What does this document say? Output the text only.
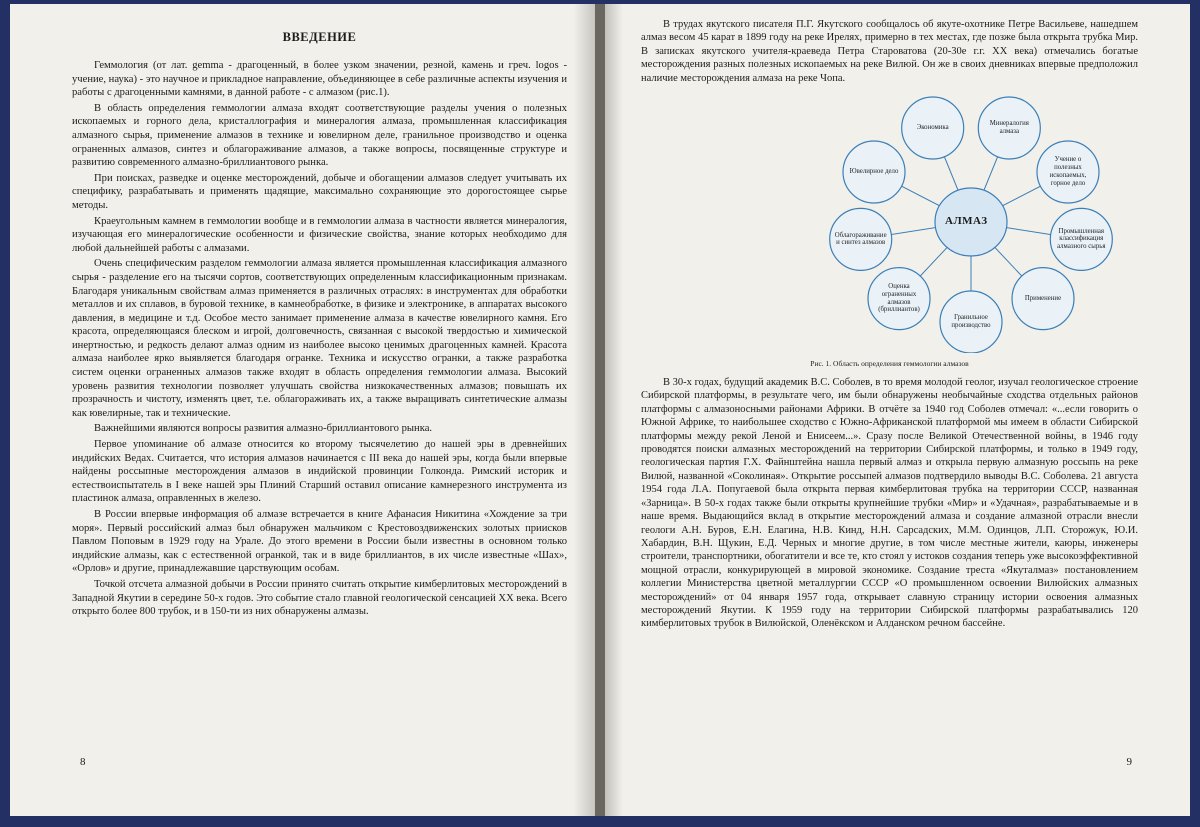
ВВЕДЕНИЕ

Геммология (от лат. gemma - драгоценный, в более узком значении, резной, камень и греч. logos - учение, наука) - это научное и прикладное направление, объединяющее в себе различные аспекты изучения и работы с драгоценными камнями, в данной работе - с алмазом (рис.1).

В область определения геммологии алмаза входят соответствующие разделы учения о полезных ископаемых и горного дела, кристаллография и минералогия алмаза, промышленная классификация алмазного сырья, применение алмазов в технике и ювелирном деле, гранильное производство и оценка ограненных алмазов, синтез и облагораживание алмазов, а также вопросы, посвященные структуре и развитию современного алмазно-бриллиантового рынка.

При поисках, разведке и оценке месторождений, добыче и обогащении алмазов следует учитывать их специфику, разрабатывать и применять щадящие, максимально сохраняющие это дорогостоящее сырье методы.

Краеугольным камнем в геммологии вообще и в геммологии алмаза в частности является минералогия, изучающая его минералогические особенности и физические свойства, знание которых необходимо для любой дальнейшей работы с алмазами.

Очень специфическим разделом геммологии алмаза является промышленная классификация алмазного сырья - разделение его на тысячи сортов, соответствующих определенным классификационным признакам. Благодаря уникальным свойствам алмаз применяется в различных отраслях: в инструментах для обработки металлов и их сплавов, в буровой технике, в камнеобработке, в физике и электронике, в аппаратах высокого давления, в медицине и т.д. Особое место занимает применение алмаза в качестве ювелирного камня. Его красота, определяющаяся блеском и игрой, долговечность, связанная с высокой твердостью и химической инертностью, и редкость делают алмаз одним из наиболее высоко ценимых драгоценных камней. Красота алмаза наиболее ярко выявляется благодаря огранке. Техника и искусство огранки, а также разработка систем оценки ограненных алмазов также входят в область определения геммологии алмаза. Высокий уровень развития технологии позволяет улучшать свойства низкокачественных алмазов; повышать их прозрачность и чистоту, изменять цвет, т.е. облагораживать их, а также выращивать синтетические алмазы как ювелирные, так и технические.

Важнейшими являются вопросы развития алмазно-бриллиантового рынка.

Первое упоминание об алмазе относится ко второму тысячелетию до нашей эры в древнейших индийских Ведах. Считается, что история алмазов начинается с III века до нашей эры, когда были впервые найдены россыпные месторождения алмазов в индийской провинции Голконда. Римский историк и естествоиспытатель в I веке нашей эры Плиний Старший оставил описание камнерезного инструмента из пластинок алмаза, оправленных в железо.

В России впервые информация об алмазе встречается в книге Афанасия Никитина «Хождение за три моря». Первый российский алмаз был обнаружен мальчиком с Крестовоздвиженских золотых приисков Павлом Поповым в 1929 году на Урале. До этого времени в России были известны в основном только индийские алмазы, как с естественной огранкой, так и в виде бриллиантов, в их числе известные «Шах», «Орлов» и другие, принадлежавшие царствующим особам.

Точкой отсчета алмазной добычи в России принято считать открытие кимберлитовых месторождений в Западной Якутии в середине 50-х годов. Это событие стало главной геологической сенсацией XX века. Всего открыто более 800 трубок, и в 150-ти из них обнаружены алмазы.

8

В трудах якутского писателя П.Г. Якутского сообщалось об якуте-охотнике Петре Васильеве, нашедшем алмаз весом 45 карат в 1899 году на реке Ирелях, примерно в тех местах, где позже была открыта трубка Мир. В записках якутского учителя-краеведа Петра Староватова (20-30е г.г. XX века) отмечались богатые месторождения разных полезных ископаемых на реке Вилюй. Он же в своих дневниках впервые предположил наличие месторождения алмаза на реке Чопа.

АЛМАЗ
Экономика
Минералогия алмаза
Учение о полезных ископаемых, горное дело
Промышленная классификация алмазного сырья
Применение
Гранильное производство
Оценка ограненных алмазов (бриллиантов)
Облагораживание и синтез алмазов
Ювелирное дело
Рис. 1. Область определения геммологии алмазов

В 30-х годах, будущий академик В.С. Соболев, в то время молодой геолог, изучал геологическое строение Сибирской платформы, в результате чего, им были обнаружены необычайные сходства отдельных районов платформы с алмазоносными районами Африки. В отчёте за 1940 год Соболев отмечал: «...если говорить о Южной Африке, то наибольшее сходство с Южно-Африканской платформой мы имеем в области Сибирской платформы между рекой Леной и Енисеем...». Сразу после Великой Отечественной войны, в 1946 году проводятся поиски алмазных месторождений на территории Сибирской платформы, и только в 1949 году, геологическая партия Г.Х. Файнштейна нашла первый алмаз и открыла первую алмазную россыпь на реке Вилюй, названной «Соколиная». Открытие россыпей алмазов подтвердило выводы В.С. Соболева. 21 августа 1954 года Л.А. Попугаевой была открыта первая кимберлитовая трубка на территории СССР, названная «Зарница». В 50-х годах также были открыты крупнейшие трубки «Мир» и «Удачная», разрабатываемые и в наше время. Выдающийся вклад в открытие месторождений алмаза и создание алмазной отрасли внесли геологи А.Н. Буров, Е.Н. Елагина, Н.В. Кинд, Н.Н. Сарсадских, М.М. Одинцов, Л.П. Сторожук, Ю.И. Хабардин, В.Н. Щукин, Е.Д. Черных и многие другие, в том числе местные жители, каюры, инженеры строители, транспортники, обогатители и все те, кто стоял у истоков создания теперь уже высокоэффективной мощной отрасли, конкурирующей в мировой экономике. Создание треста «Якуталмаз» постановлением коллегии Министерства цветной металлургии СССР «О промышленном освоении Вилюйских алмазных месторождений» от 04 января 1957 года, открывает славную страницу истории освоения алмазных месторождений Якутии. К 1959 году на территории Сибирской платформы разрабатывались 120 кимберлитовых трубок в Вилюйской, Оленёкском и Алданском речном бассейне.

9
